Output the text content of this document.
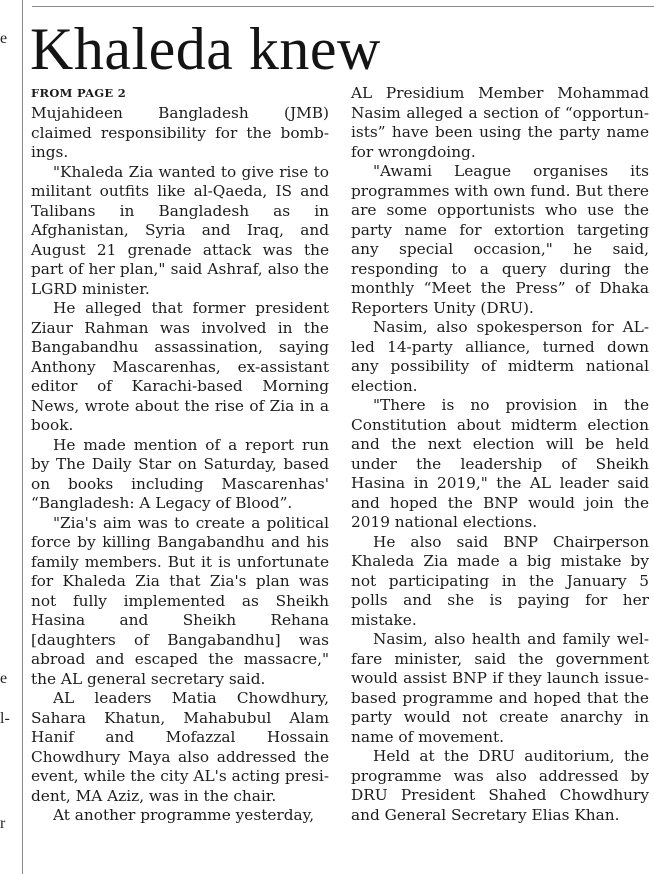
e
e
l-
r
Khaleda knew
FROM PAGE 2

Mujahideen Bangladesh (JMB) claimed responsibility for the bombings.

"Khaleda Zia wanted to give rise to militant outfits like al-Qaeda, IS and Talibans in Bangladesh as in Afghanistan, Syria and Iraq, and August 21 grenade attack was the part of her plan," said Ashraf, also the LGRD minister.

He alleged that former president Ziaur Rahman was involved in the Bangabandhu assassination, saying Anthony Mascarenhas, ex-assistant editor of Karachi-based Morning News, wrote about the rise of Zia in a book.

He made mention of a report run by The Daily Star on Saturday, based on books including Mascarenhas' “Bangladesh: A Legacy of Blood”.

"Zia's aim was to create a political force by killing Bangabandhu and his family members. But it is unfortunate for Khaleda Zia that Zia's plan was not fully implemented as Sheikh Hasina and Sheikh Rehana [daughters of Bangabandhu] was abroad and escaped the massacre," the AL general secretary said.

AL leaders Matia Chowdhury, Sahara Khatun, Mahabubul Alam Hanif and Mofazzal Hossain Chowdhury Maya also addressed the event, while the city AL's acting president, MA Aziz, was in the chair.

At another programme yesterday,

AL Presidium Member Mohammad Nasim alleged a section of “opportunists” have been using the party name for wrongdoing.

"Awami League organises its programmes with own fund. But there are some opportunists who use the party name for extortion targeting any special occasion," he said, responding to a query during the monthly “Meet the Press” of Dhaka Reporters Unity (DRU).

Nasim, also spokesperson for AL-led 14-party alliance, turned down any possibility of midterm national election.

"There is no provision in the Constitution about midterm election and the next election will be held under the leadership of Sheikh Hasina in 2019," the AL leader said and hoped the BNP would join the 2019 national elections.

He also said BNP Chairperson Khaleda Zia made a big mistake by not participating in the January 5 polls and she is paying for her mistake.

Nasim, also health and family welfare minister, said the government would assist BNP if they launch issue-based programme and hoped that the party would not create anarchy in name of movement.

Held at the DRU auditorium, the programme was also addressed by DRU President Shahed Chowdhury and General Secretary Elias Khan.
